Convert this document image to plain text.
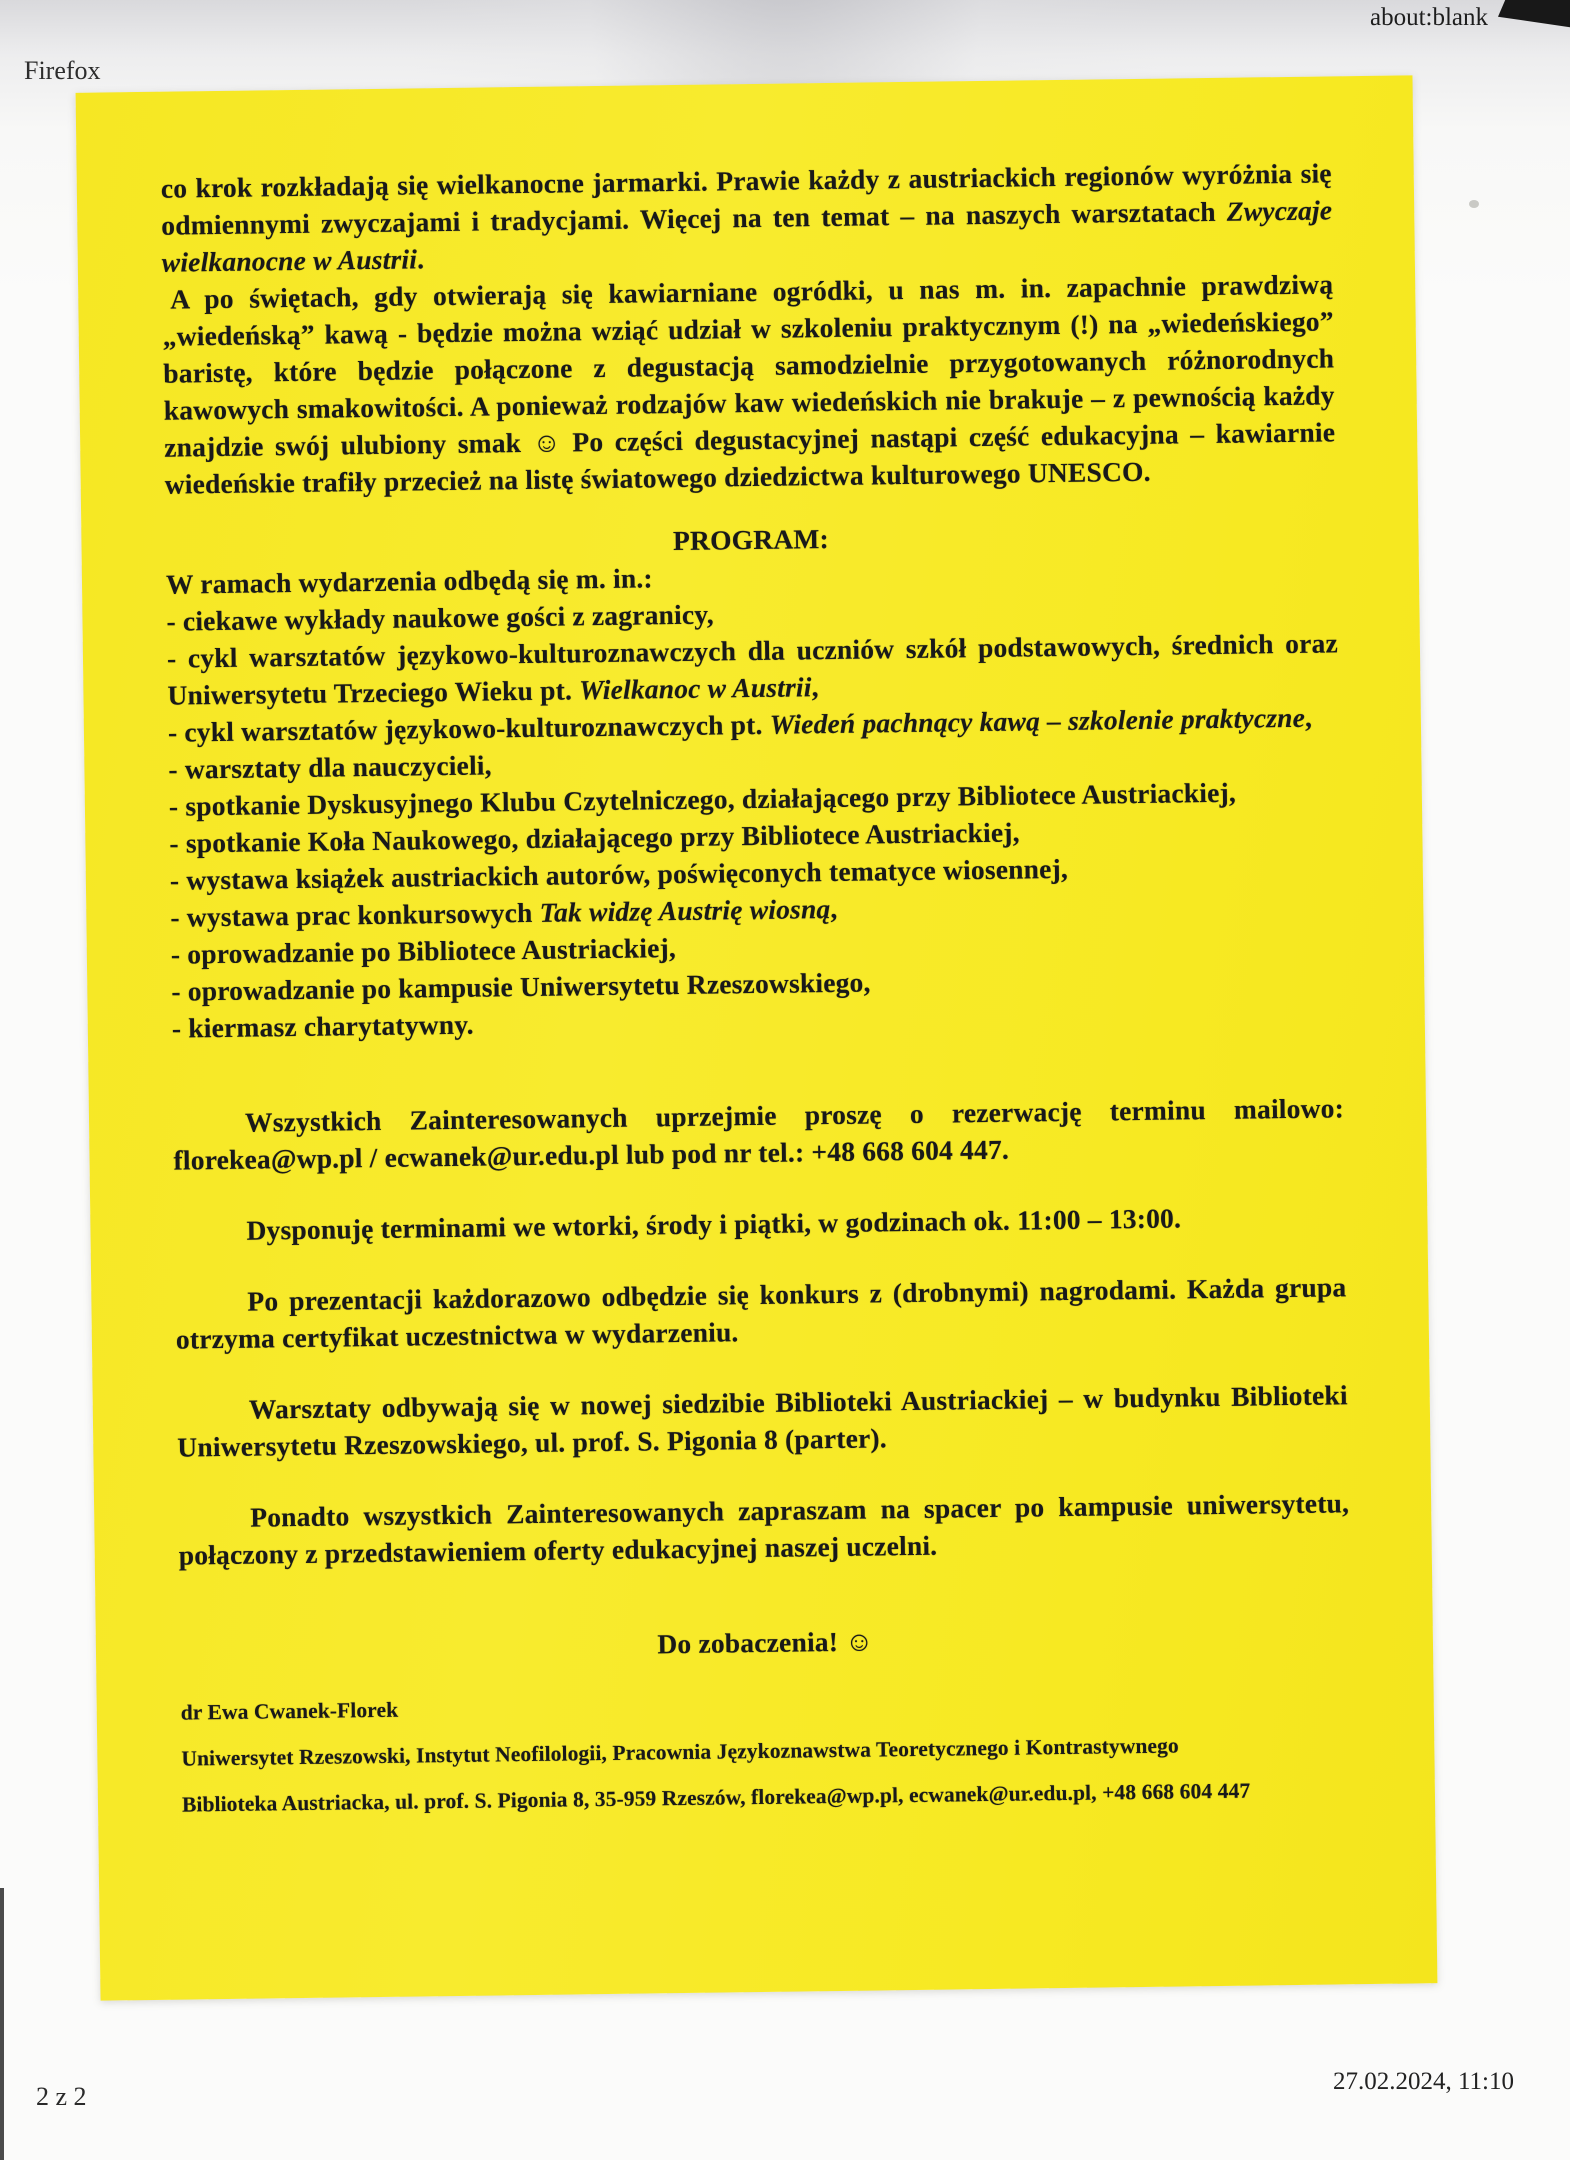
Firefox
about:blank

co krok rozkładają się wielkanocne jarmarki. Prawie każdy z austriackich regionów wyróżnia się odmiennymi zwyczajami i tradycjami. Więcej na ten temat – na naszych warsztatach Zwyczaje wielkanocne w Austrii.

A po świętach, gdy otwierają się kawiarniane ogródki, u nas m. in. zapachnie prawdziwą „wiedeńską” kawą - będzie można wziąć udział w szkoleniu praktycznym (!) na „wiedeńskiego” baristę, które będzie połączone z degustacją samodzielnie przygotowanych różnorodnych kawowych smakowitości. A ponieważ rodzajów kaw wiedeńskich nie brakuje – z pewnością każdy znajdzie swój ulubiony smak ☺ Po części degustacyjnej nastąpi część edukacyjna – kawiarnie wiedeńskie trafiły przecież na listę światowego dziedzictwa kulturowego UNESCO.

PROGRAM:

W ramach wydarzenia odbędą się m. in.:

- ciekawe wykłady naukowe gości z zagranicy,

- cykl warsztatów językowo-kulturoznawczych dla uczniów szkół podstawowych, średnich oraz Uniwersytetu Trzeciego Wieku pt. Wielkanoc w Austrii,

- cykl warsztatów językowo-kulturoznawczych pt. Wiedeń pachnący kawą – szkolenie praktyczne,

- warsztaty dla nauczycieli,

- spotkanie Dyskusyjnego Klubu Czytelniczego, działającego przy Bibliotece Austriackiej,

- spotkanie Koła Naukowego, działającego przy Bibliotece Austriackiej,

- wystawa książek austriackich autorów, poświęconych tematyce wiosennej,

- wystawa prac konkursowych Tak widzę Austrię wiosną,

- oprowadzanie po Bibliotece Austriackiej,

- oprowadzanie po kampusie Uniwersytetu Rzeszowskiego,

- kiermasz charytatywny.

Wszystkich Zainteresowanych uprzejmie proszę o rezerwację terminu mailowo: florekea@wp.pl / ecwanek@ur.edu.pl lub pod nr tel.: +48 668 604 447.

Dysponuję terminami we wtorki, środy i piątki, w godzinach ok. 11:00 – 13:00.

Po prezentacji każdorazowo odbędzie się konkurs z (drobnymi) nagrodami. Każda grupa otrzyma certyfikat uczestnictwa w wydarzeniu.

Warsztaty odbywają się w nowej siedzibie Biblioteki Austriackiej – w budynku Biblioteki Uniwersytetu Rzeszowskiego, ul. prof. S. Pigonia 8 (parter).

Ponadto wszystkich Zainteresowanych zapraszam na spacer po kampusie uniwersytetu, połączony z przedstawieniem oferty edukacyjnej naszej uczelni.

Do zobaczenia! ☺

dr Ewa Cwanek-Florek

Uniwersytet Rzeszowski, Instytut Neofilologii, Pracownia Językoznawstwa Teoretycznego i Kontrastywnego

Biblioteka Austriacka, ul. prof. S. Pigonia 8, 35-959 Rzeszów, florekea@wp.pl, ecwanek@ur.edu.pl, +48 668 604 447

2 z 2
27.02.2024, 11:10
